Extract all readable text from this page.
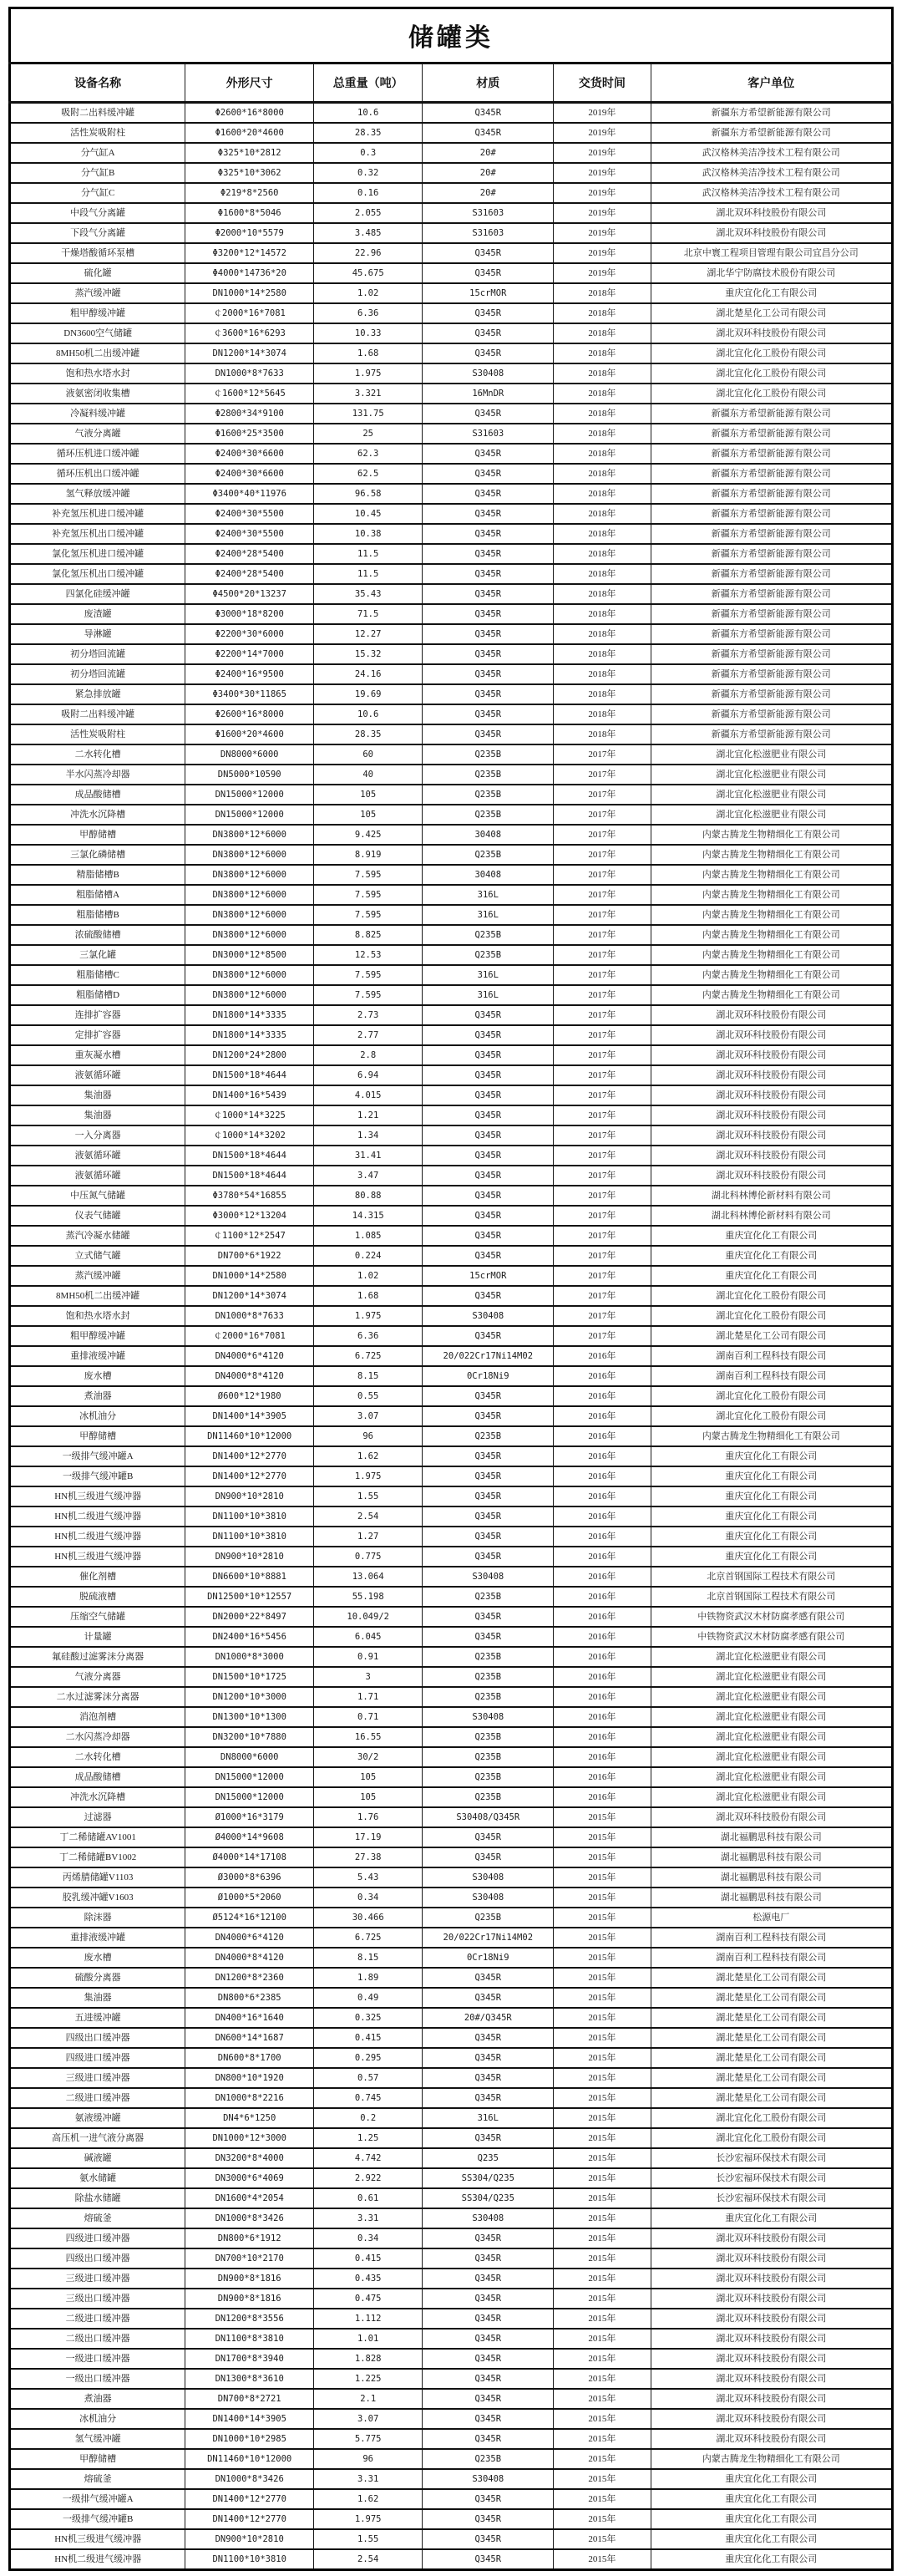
储罐类					
设备名称	外形尺寸	总重量（吨）	材质	交货时间	客户单位
吸附二出料缓冲罐	Φ2600*16*8000	10.6	Q345R	2019年	新疆东方希望新能源有限公司
活性炭吸附柱	Φ1600*20*4600	28.35	Q345R	2019年	新疆东方希望新能源有限公司
分气缸A	Φ325*10*2812	0.3	20#	2019年	武汉格林美洁净技术工程有限公司
分气缸B	Φ325*10*3062	0.32	20#	2019年	武汉格林美洁净技术工程有限公司
分气缸C	Φ219*8*2560	0.16	20#	2019年	武汉格林美洁净技术工程有限公司
中段气分离罐	Φ1600*8*5046	2.055	S31603	2019年	湖北双环科技股份有限公司
下段气分离罐	Φ2000*10*5579	3.485	S31603	2019年	湖北双环科技股份有限公司
干燥塔酸循环泵槽	Φ3200*12*14572	22.96	Q345R	2019年	北京中寰工程项目管理有限公司宜昌分公司
硫化罐	Φ4000*14736*20	45.675	Q345R	2019年	湖北华宁防腐技术股份有限公司
蒸汽缓冲罐	DN1000*14*2580	1.02	15crMOR	2018年	重庆宜化化工有限公司
粗甲醇缓冲罐	￠2000*16*7081	6.36	Q345R	2018年	湖北楚星化工公司有限公司
DN3600空气储罐	￠3600*16*6293	10.33	Q345R	2018年	湖北双环科技股份有限公司
8MH50机二出缓冲罐	DN1200*14*3074	1.68	Q345R	2018年	湖北宜化化工股份有限公司
饱和热水塔水封	DN1000*8*7633	1.975	S30408	2018年	湖北宜化化工股份有限公司
液氨密闭收集槽	￠1600*12*5645	3.321	16MnDR	2018年	湖北宜化化工股份有限公司
冷凝料缓冲罐	Φ2800*34*9100	131.75	Q345R	2018年	新疆东方希望新能源有限公司
气液分离罐	Φ1600*25*3500	25	S31603	2018年	新疆东方希望新能源有限公司
循环压机进口缓冲罐	Φ2400*30*6600	62.3	Q345R	2018年	新疆东方希望新能源有限公司
循环压机出口缓冲罐	Φ2400*30*6600	62.5	Q345R	2018年	新疆东方希望新能源有限公司
氢气释放缓冲罐	Φ3400*40*11976	96.58	Q345R	2018年	新疆东方希望新能源有限公司
补充氢压机进口缓冲罐	Φ2400*30*5500	10.45	Q345R	2018年	新疆东方希望新能源有限公司
补充氢压机出口缓冲罐	Φ2400*30*5500	10.38	Q345R	2018年	新疆东方希望新能源有限公司
氯化氢压机进口缓冲罐	Φ2400*28*5400	11.5	Q345R	2018年	新疆东方希望新能源有限公司
氯化氢压机出口缓冲罐	Φ2400*28*5400	11.5	Q345R	2018年	新疆东方希望新能源有限公司
四氯化硅缓冲罐	Φ4500*20*13237	35.43	Q345R	2018年	新疆东方希望新能源有限公司
废渣罐	Φ3000*18*8200	71.5	Q345R	2018年	新疆东方希望新能源有限公司
导淋罐	Φ2200*30*6000	12.27	Q345R	2018年	新疆东方希望新能源有限公司
初分塔回流罐	Φ2200*14*7000	15.32	Q345R	2018年	新疆东方希望新能源有限公司
初分塔回流罐	Φ2400*16*9500	24.16	Q345R	2018年	新疆东方希望新能源有限公司
紧急排放罐	Φ3400*30*11865	19.69	Q345R	2018年	新疆东方希望新能源有限公司
吸附二出料缓冲罐	Φ2600*16*8000	10.6	Q345R	2018年	新疆东方希望新能源有限公司
活性炭吸附柱	Φ1600*20*4600	28.35	Q345R	2018年	新疆东方希望新能源有限公司
二水转化槽	DN8000*6000	60	Q235B	2017年	湖北宜化松滋肥业有限公司
半水闪蒸冷却器	DN5000*10590	40	Q235B	2017年	湖北宜化松滋肥业有限公司
成品酸储槽	DN15000*12000	105	Q235B	2017年	湖北宜化松滋肥业有限公司
冲洗水沉降槽	DN15000*12000	105	Q235B	2017年	湖北宜化松滋肥业有限公司
甲醇储槽	DN3800*12*6000	9.425	30408	2017年	内蒙古腾龙生物精细化工有限公司
三氯化磷储槽	DN3800*12*6000	8.919	Q235B	2017年	内蒙古腾龙生物精细化工有限公司
精脂储槽B	DN3800*12*6000	7.595	30408	2017年	内蒙古腾龙生物精细化工有限公司
粗脂储槽A	DN3800*12*6000	7.595	316L	2017年	内蒙古腾龙生物精细化工有限公司
粗脂储槽B	DN3800*12*6000	7.595	316L	2017年	内蒙古腾龙生物精细化工有限公司
浓硫酸储槽	DN3800*12*6000	8.825	Q235B	2017年	内蒙古腾龙生物精细化工有限公司
三氯化罐	DN3000*12*8500	12.53	Q235B	2017年	内蒙古腾龙生物精细化工有限公司
粗脂储槽C	DN3800*12*6000	7.595	316L	2017年	内蒙古腾龙生物精细化工有限公司
粗脂储槽D	DN3800*12*6000	7.595	316L	2017年	内蒙古腾龙生物精细化工有限公司
连排扩容器	DN1800*14*3335	2.73	Q345R	2017年	湖北双环科技股份有限公司
定排扩容器	DN1800*14*3335	2.77	Q345R	2017年	湖北双环科技股份有限公司
重灰凝水槽	DN1200*24*2800	2.8	Q345R	2017年	湖北双环科技股份有限公司
液氨循环罐	DN1500*18*4644	6.94	Q345R	2017年	湖北双环科技股份有限公司
集油器	DN1400*16*5439	4.015	Q345R	2017年	湖北双环科技股份有限公司
集油器	￠1000*14*3225	1.21	Q345R	2017年	湖北双环科技股份有限公司
一入分离器	￠1000*14*3202	1.34	Q345R	2017年	湖北双环科技股份有限公司
液氨循环罐	DN1500*18*4644	31.41	Q345R	2017年	湖北双环科技股份有限公司
液氨循环罐	DN1500*18*4644	3.47	Q345R	2017年	湖北双环科技股份有限公司
中压氮气储罐	Φ3780*54*16855	80.88	Q345R	2017年	湖北科林博伦新材料有限公司
仪表气储罐	Φ3000*12*13204	14.315	Q345R	2017年	湖北科林博伦新材料有限公司
蒸汽冷凝水储罐	￠1100*12*2547	1.085	Q345R	2017年	重庆宜化化工有限公司
立式储气罐	DN700*6*1922	0.224	Q345R	2017年	重庆宜化化工有限公司
蒸汽缓冲罐	DN1000*14*2580	1.02	15crMOR	2017年	重庆宜化化工有限公司
8MH50机二出缓冲罐	DN1200*14*3074	1.68	Q345R	2017年	湖北宜化化工股份有限公司
饱和热水塔水封	DN1000*8*7633	1.975	S30408	2017年	湖北宜化化工股份有限公司
粗甲醇缓冲罐	￠2000*16*7081	6.36	Q345R	2017年	湖北楚星化工公司有限公司
重排液缓冲罐	DN4000*6*4120	6.725	20/022Cr17Ni14M02	2016年	湖南百利工程科技有限公司
废水槽	DN4000*8*4120	8.15	0Cr18Ni9	2016年	湖南百利工程科技有限公司
煮油器	Ø600*12*1980	0.55	Q345R	2016年	湖北宜化化工股份有限公司
冰机油分	DN1400*14*3905	3.07	Q345R	2016年	湖北宜化化工股份有限公司
甲醇储槽	DN11460*10*12000	96	Q235B	2016年	内蒙古腾龙生物精细化工有限公司
一级排气缓冲罐A	DN1400*12*2770	1.62	Q345R	2016年	重庆宜化化工有限公司
一级排气缓冲罐B	DN1400*12*2770	1.975	Q345R	2016年	重庆宜化化工有限公司
HN机三级进气缓冲器	DN900*10*2810	1.55	Q345R	2016年	重庆宜化化工有限公司
HN机二级进气缓冲器	DN1100*10*3810	2.54	Q345R	2016年	重庆宜化化工有限公司
HN机二级进气缓冲器	DN1100*10*3810	1.27	Q345R	2016年	重庆宜化化工有限公司
HN机三级进气缓冲器	DN900*10*2810	0.775	Q345R	2016年	重庆宜化化工有限公司
催化剂槽	DN6600*10*8881	13.064	S30408	2016年	北京首钢国际工程技术有限公司
脱硫液槽	DN12500*10*12557	55.198	Q235B	2016年	北京首钢国际工程技术有限公司
压缩空气储罐	DN2000*22*8497	10.049/2	Q345R	2016年	中铁物资武汉木材防腐孝感有限公司
计量罐	DN2400*16*5456	6.045	Q345R	2016年	中铁物资武汉木材防腐孝感有限公司
氟硅酸过滤雾沫分离器	DN1000*8*3000	0.91	Q235B	2016年	湖北宜化松滋肥业有限公司
气液分离器	DN1500*10*1725	3	Q235B	2016年	湖北宜化松滋肥业有限公司
二水过滤雾沫分离器	DN1200*10*3000	1.71	Q235B	2016年	湖北宜化松滋肥业有限公司
消泡剂槽	DN1300*10*1300	0.71	S30408	2016年	湖北宜化松滋肥业有限公司
二水闪蒸冷却器	DN3200*10*7880	16.55	Q235B	2016年	湖北宜化松滋肥业有限公司
二水转化槽	DN8000*6000	30/2	Q235B	2016年	湖北宜化松滋肥业有限公司
成品酸储槽	DN15000*12000	105	Q235B	2016年	湖北宜化松滋肥业有限公司
冲洗水沉降槽	DN15000*12000	105	Q235B	2016年	湖北宜化松滋肥业有限公司
过滤器	Ø1000*16*3179	1.76	S30408/Q345R	2015年	湖北双环科技股份有限公司
丁二稀储罐AV1001	Ø4000*14*9608	17.19	Q345R	2015年	湖北福鹏思科技有限公司
丁二稀储罐BV1002	Ø4000*14*17108	27.38	Q345R	2015年	湖北福鹏思科技有限公司
丙烯腈储罐V1103	Ø3000*8*6396	5.43	S30408	2015年	湖北福鹏思科技有限公司
胶乳缓冲罐V1603	Ø1000*5*2060	0.34	S30408	2015年	湖北福鹏思科技有限公司
除沫器	Ø5124*16*12100	30.466	Q235B	2015年	松源电厂
重排液缓冲罐	DN4000*6*4120	6.725	20/022Cr17Ni14M02	2015年	湖南百利工程科技有限公司
废水槽	DN4000*8*4120	8.15	0Cr18Ni9	2015年	湖南百利工程科技有限公司
硫酸分离器	DN1200*8*2360	1.89	Q345R	2015年	湖北楚星化工公司有限公司
集油器	DN800*6*2385	0.49	Q345R	2015年	湖北楚星化工公司有限公司
五进缓冲罐	DN400*16*1640	0.325	20#/Q345R	2015年	湖北楚星化工公司有限公司
四级出口缓冲器	DN600*14*1687	0.415	Q345R	2015年	湖北楚星化工公司有限公司
四级进口缓冲器	DN600*8*1700	0.295	Q345R	2015年	湖北楚星化工公司有限公司
三级进口缓冲器	DN800*10*1920	0.57	Q345R	2015年	湖北楚星化工公司有限公司
二级进口缓冲器	DN1000*8*2216	0.745	Q345R	2015年	湖北楚星化工公司有限公司
氨液缓冲罐	DN4*6*1250	0.2	316L	2015年	湖北宜化化工股份有限公司
高压机一进气液分离器	DN1000*12*3000	1.25	Q345R	2015年	湖北宜化化工股份有限公司
碱液罐	DN3200*8*4000	4.742	Q235	2015年	长沙宏福环保技术有限公司
氨水储罐	DN3000*6*4069	2.922	SS304/Q235	2015年	长沙宏福环保技术有限公司
除盐水储罐	DN1600*4*2054	0.61	SS304/Q235	2015年	长沙宏福环保技术有限公司
熔硫釜	DN1000*8*3426	3.31	S30408	2015年	重庆宜化化工有限公司
四级进口缓冲器	DN800*6*1912	0.34	Q345R	2015年	湖北双环科技股份有限公司
四级出口缓冲器	DN700*10*2170	0.415	Q345R	2015年	湖北双环科技股份有限公司
三级进口缓冲器	DN900*8*1816	0.435	Q345R	2015年	湖北双环科技股份有限公司
三级出口缓冲器	DN900*8*1816	0.475	Q345R	2015年	湖北双环科技股份有限公司
二级进口缓冲器	DN1200*8*3556	1.112	Q345R	2015年	湖北双环科技股份有限公司
二级出口缓冲器	DN1100*8*3810	1.01	Q345R	2015年	湖北双环科技股份有限公司
一级进口缓冲器	DN1700*8*3940	1.828	Q345R	2015年	湖北双环科技股份有限公司
一级出口缓冲器	DN1300*8*3610	1.225	Q345R	2015年	湖北双环科技股份有限公司
煮油器	DN700*8*2721	2.1	Q345R	2015年	湖北双环科技股份有限公司
冰机油分	DN1400*14*3905	3.07	Q345R	2015年	湖北双环科技股份有限公司
氢气缓冲罐	DN1000*10*2985	5.775	Q345R	2015年	湖北双环科技股份有限公司
甲醇储槽	DN11460*10*12000	96	Q235B	2015年	内蒙古腾龙生物精细化工有限公司
熔硫釜	DN1000*8*3426	3.31	S30408	2015年	重庆宜化化工有限公司
一级排气缓冲罐A	DN1400*12*2770	1.62	Q345R	2015年	重庆宜化化工有限公司
一级排气缓冲罐B	DN1400*12*2770	1.975	Q345R	2015年	重庆宜化化工有限公司
HN机三级进气缓冲器	DN900*10*2810	1.55	Q345R	2015年	重庆宜化化工有限公司
HN机二级进气缓冲器	DN1100*10*3810	2.54	Q345R	2015年	重庆宜化化工有限公司
